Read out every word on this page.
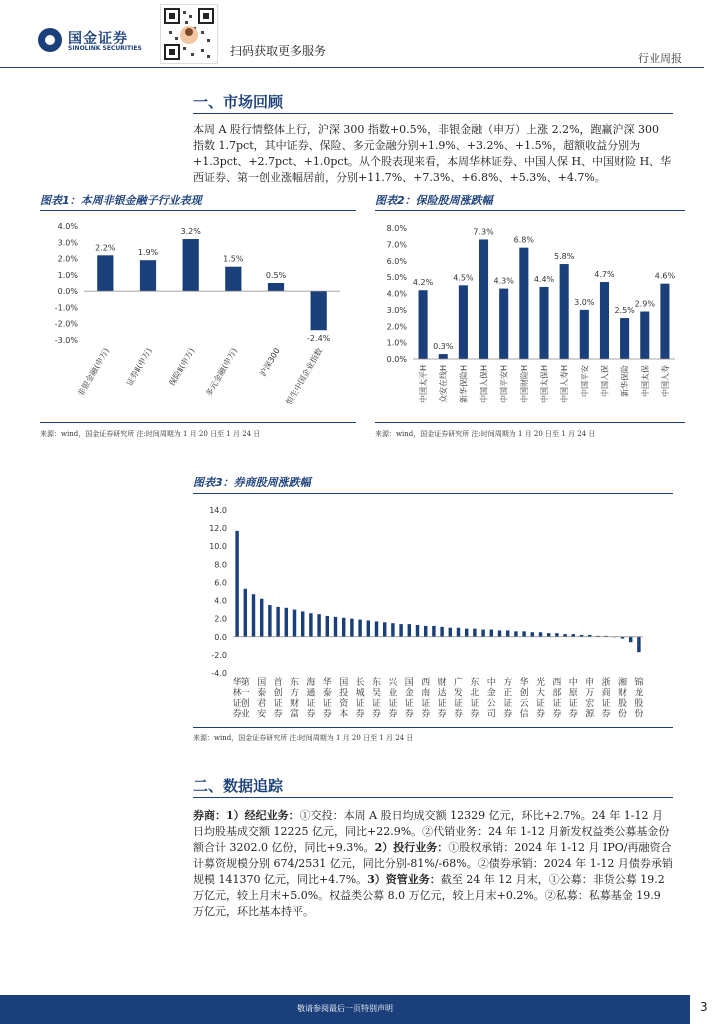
国金证券
SINOLINK SECURITIES	扫码获取更多服务
行业周报
一、市场回顾
本周 A 股行情整体上行，沪深 300 指数+0.5%，非银金融（申万）上涨 2.2%，跑赢沪深 300 指数 1.7pct，其中证券、保险、多元金融分别+1.9%、+3.2%、+1.5%，超额收益分别为+1.3pct、+2.7pct、+1.0pct。从个股表现来看，本周华林证券、中国人保 H、中国财险 H、华西证券、第一创业涨幅居前，分别+11.7%、+7.3%、+6.8%、+5.3%、+4.7%。
图表1：本周非银金融子行业表现
4.0%
3.0%
2.0%
1.0%
0.0%
-1.0%
-2.0%
-3.0%
2.2%
1.9%
3.2%
1.5%
0.5%
-2.4%
非银金融(申万) 证券Ⅱ(申万) 保险Ⅱ(申万) 多元金融(申万) 沪深300 恒生中国企业指数
来源：wind，国金证券研究所 注:时间周期为 1 月 20 日至 1 月 24 日
图表2：保险股周涨跌幅
8.0%
7.0%
6.0%
5.0%
4.0%
3.0%
2.0%
1.0%
0.0%
4.2%
0.3%
4.5%
7.3%
4.3%
6.8%
4.4%
5.8%
3.0%
4.7%
2.5%
2.9%
4.6%
中国太平H 众安在线H 新华保险H 中国人保H 中国平安H 中国财险H 中国太保H 中国人寿H 中国平安 中国人保 新华保险 中国太保 中国人寿
来源：wind，国金证券研究所 注:时间周期为 1 月 20 日至 1 月 24 日
图表3：券商股周涨跌幅
14.0
12.0
10.0
8.0
6.0
4.0
2.0
0.0
-2.0
-4.0
华林证券
第一创业
国泰君安
首创证券
东方财富
海通证券
华泰证券
国投资本
长城证券
东吴证券
兴业证券
国金证券
西南证券
财达证券
广发证券
东北证券
中金公司
方正证券
华创云信
光大证券
西部证券
中原证券
申万宏源
浙商证券
湘财股份
锦龙股份
来源：wind，国金证券研究所 注:时间周期为 1 月 20 日至 1 月 24 日
二、数据追踪
券商：1）经纪业务：①交投：本周 A 股日均成交额 12329 亿元，环比+2.7%。24 年 1-12 月日均股基成交额 12225 亿元，同比+22.9%。②代销业务：24 年 1-12 月新发权益类公募基金份额合计 3202.0 亿份，同比+9.3%。2）投行业务：①股权承销：2024 年 1-12 月 IPO/再融资合计募资规模分别 674/2531 亿元，同比分别-81%/-68%。②债券承销：2024 年 1-12 月债券承销规模 141370 亿元，同比+4.7%。3）资管业务：截至 24 年 12 月末，①公募：非货公募 19.2 万亿元，较上月末+5.0%。权益类公募 8.0 万亿元，较上月末+0.2%。②私募：私募基金 19.9 万亿元，环比基本持平。
敬请参阅最后一页特别声明	3
